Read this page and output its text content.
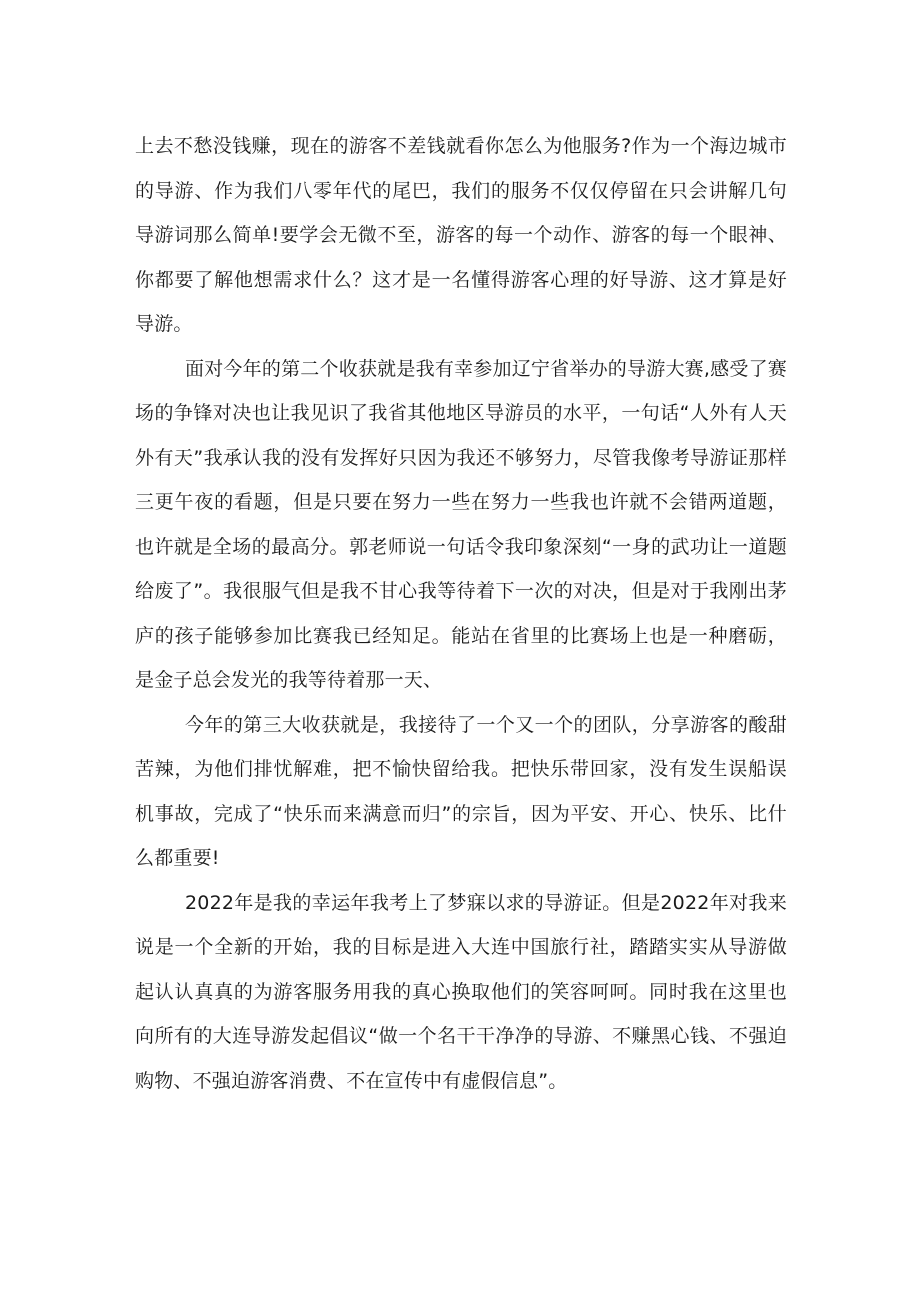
上去不愁没钱赚，现在的游客不差钱就看你怎么为他服务?作为一个海边城市的导游、作为我们八零年代的尾巴，我们的服务不仅仅停留在只会讲解几句导游词那么简单!要学会无微不至，游客的每一个动作、游客的每一个眼神、你都要了解他想需求什么？这才是一名懂得游客心理的好导游、这才算是好导游。

面对今年的第二个收获就是我有幸参加辽宁省举办的导游大赛,感受了赛场的争锋对决也让我见识了我省其他地区导游员的水平，一句话“人外有人天外有天”我承认我的没有发挥好只因为我还不够努力，尽管我像考导游证那样三更午夜的看题，但是只要在努力一些在努力一些我也许就不会错两道题，也许就是全场的最高分。郭老师说一句话令我印象深刻“一身的武功让一道题给废了”。我很服气但是我不甘心我等待着下一次的对决，但是对于我刚出茅庐的孩子能够参加比赛我已经知足。能站在省里的比赛场上也是一种磨砺，是金子总会发光的我等待着那一天、

今年的第三大收获就是，我接待了一个又一个的团队，分享游客的酸甜苦辣，为他们排忧解难，把不愉快留给我。把快乐带回家，没有发生误船误机事故，完成了“快乐而来满意而归”的宗旨，因为平安、开心、快乐、比什么都重要!

2022年是我的幸运年我考上了梦寐以求的导游证。但是2022年对我来说是一个全新的开始，我的目标是进入大连中国旅行社，踏踏实实从导游做起认认真真的为游客服务用我的真心换取他们的笑容呵呵。同时我在这里也向所有的大连导游发起倡议“做一个名干干净净的导游、不赚黑心钱、不强迫购物、不强迫游客消费、不在宣传中有虚假信息”。
